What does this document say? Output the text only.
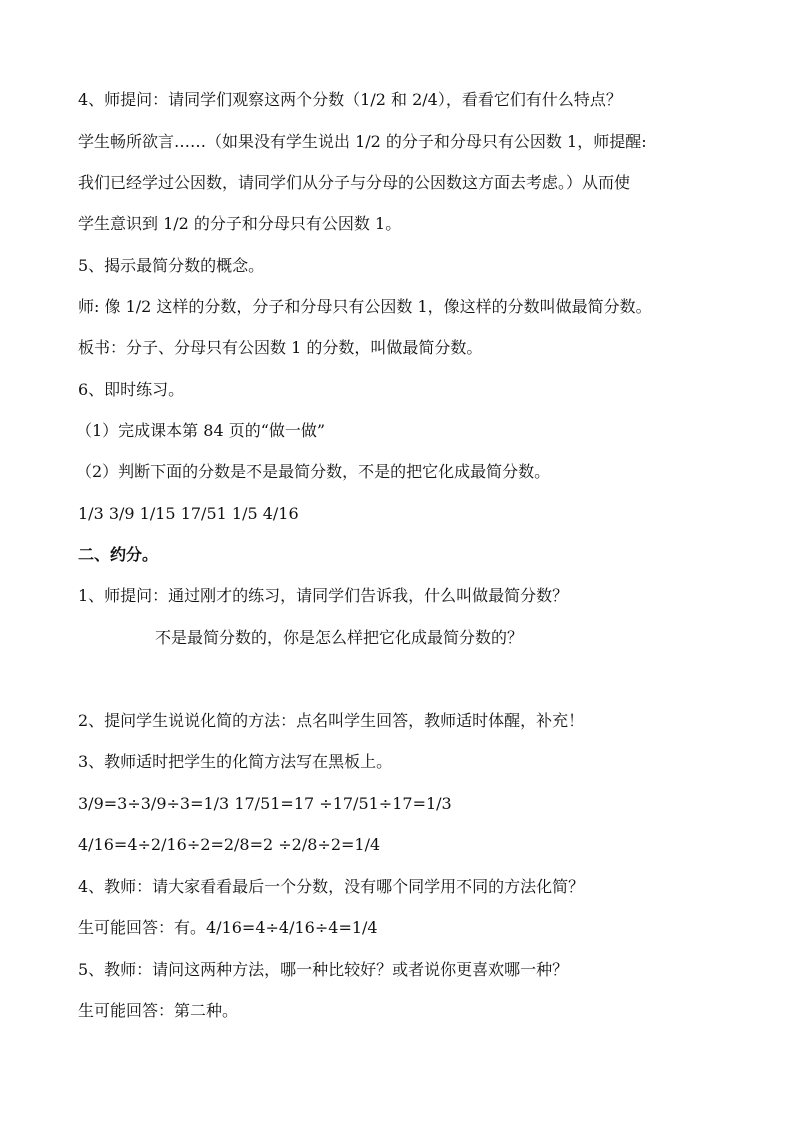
4、师提问：请同学们观察这两个分数（1/2 和 2/4），看看它们有什么特点？
学生畅所欲言……（如果没有学生说出 1/2 的分子和分母只有公因数 1，师提醒:
我们已经学过公因数，请同学们从分子与分母的公因数这方面去考虑。）从而使
学生意识到 1/2 的分子和分母只有公因数 1。
5、揭示最简分数的概念。
师: 像 1/2 这样的分数，分子和分母只有公因数 1，像这样的分数叫做最简分数。
板书：分子、分母只有公因数 1 的分数，叫做最简分数。
6、即时练习。
（1）完成课本第 84 页的“做一做”
（2）判断下面的分数是不是最简分数，不是的把它化成最简分数。
1/3 3/9 1/15 17/51 1/5 4/16
二、约分。
1、师提问：通过刚才的练习，请同学们告诉我，什么叫做最简分数？
不是最简分数的，你是怎么样把它化成最简分数的？
2、提问学生说说化简的方法：点名叫学生回答，教师适时体醒，补充！
3、教师适时把学生的化简方法写在黑板上。
3/9=3÷3/9÷3=1/3 17/51=17 ÷17/51÷17=1/3
4/16=4÷2/16÷2=2/8=2 ÷2/8÷2=1/4
4、教师：请大家看看最后一个分数，没有哪个同学用不同的方法化简？
生可能回答：有。4/16=4÷4/16÷4=1/4
5、教师：请问这两种方法，哪一种比较好？或者说你更喜欢哪一种？
生可能回答：第二种。
